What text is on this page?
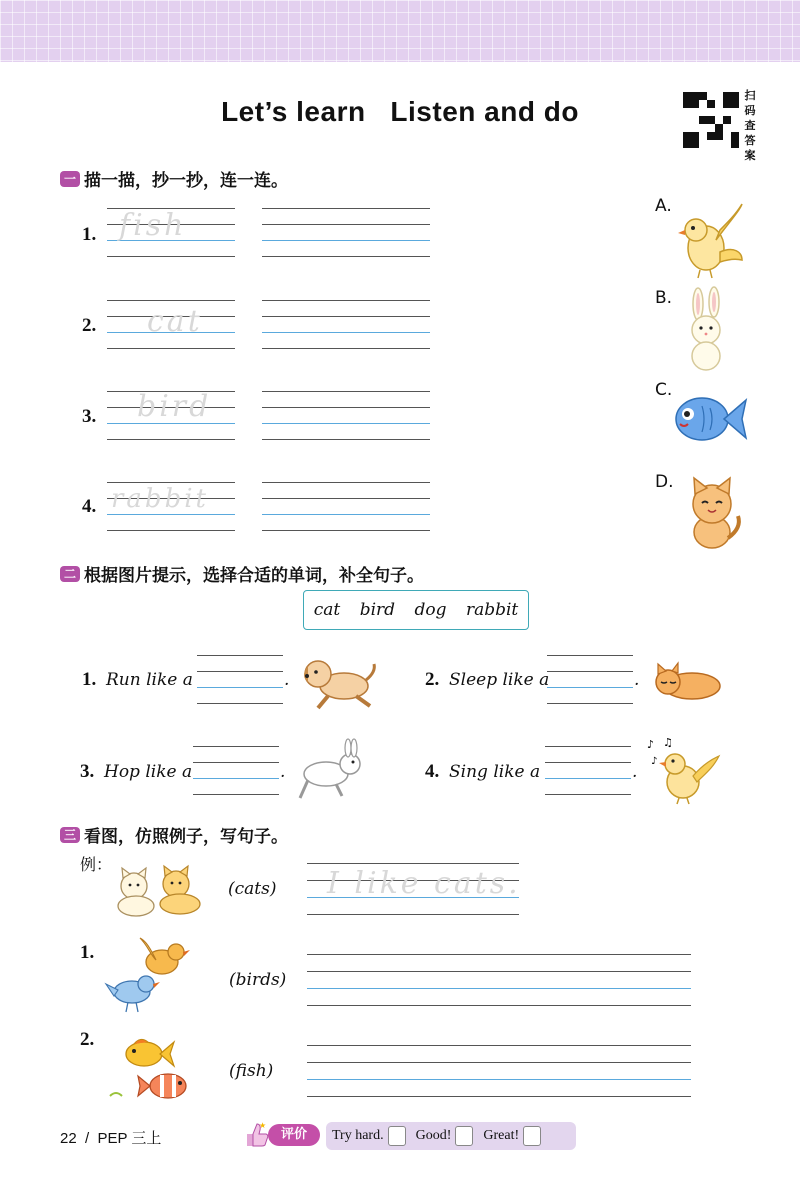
Let’s learn   Listen and do
扫
码
查
答
案
一 描一描，抄一抄，连一连。
1. fish
2. cat
3. bird
4. rabbit
A.
B.
C.
D.
二 根据图片提示，选择合适的单词，补全句子。
cat bird dog rabbit
1. Run like a	.	2. Sleep like a	.
3. Hop like a	.	4. Sing like a	.
♪ ♫
♪
三 看图，仿照例子，写句子。
例：
(cats) I like cats.
1.
(birds)
2.
(fish)
22  /  PEP 三上
★
评价	Try hard. Good! Great!
